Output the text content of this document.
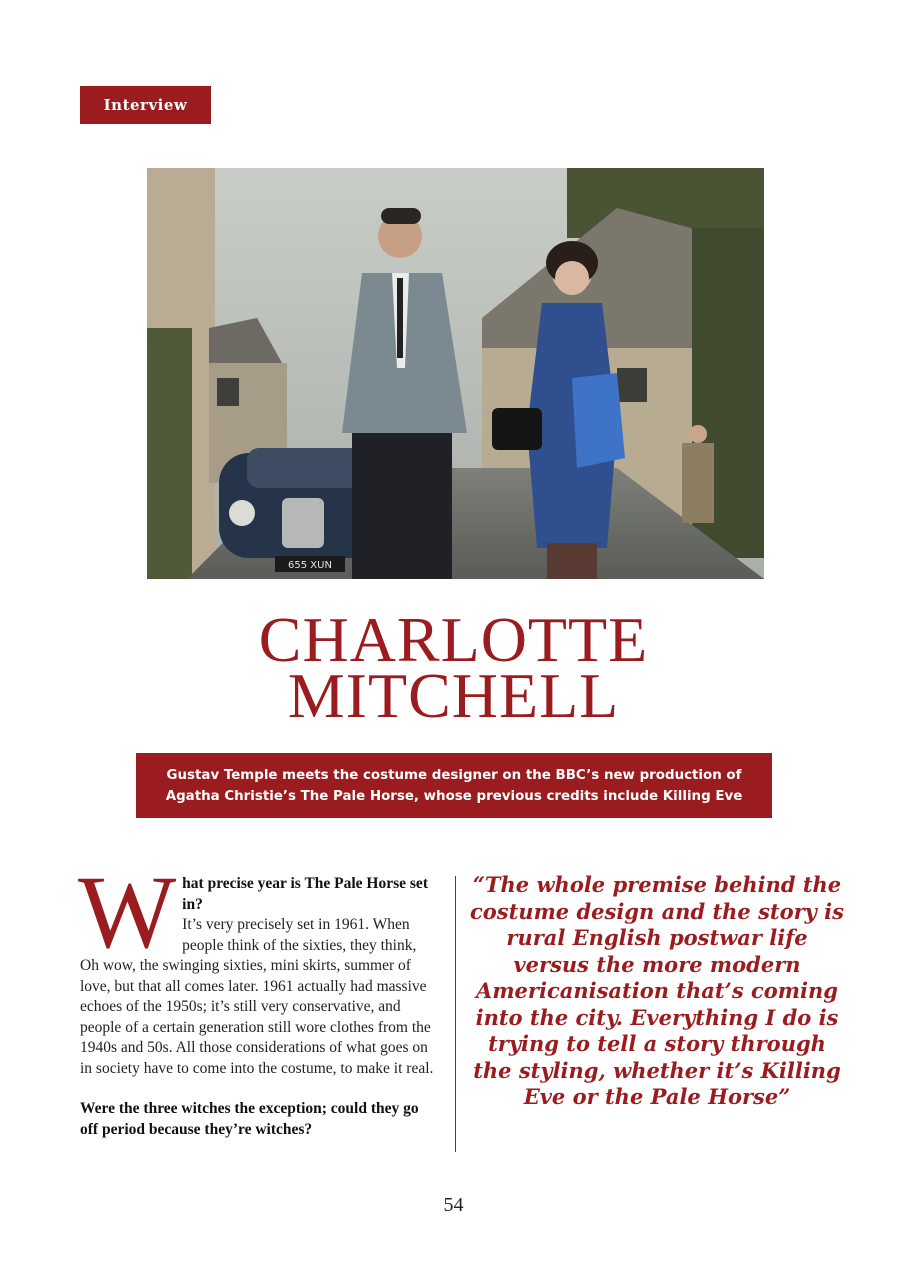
Interview
655 XUN
CHARLOTTE
MITCHELL
Gustav Temple meets the costume designer on the BBC’s new production of
Agatha Christie’s The Pale Horse, whose previous credits include Killing Eve

W hat precise year is The Pale Horse set in?
It’s very precisely set in 1961. When people think of the sixties, they think, Oh wow, the swinging sixties, mini skirts, summer of love, but that all comes later. 1961 actually had massive echoes of the 1950s; it’s still very conservative, and people of a certain generation still wore clothes from the 1940s and 50s. All those considerations of what goes on in society have to come into the costume, to make it real.

Were the three witches the exception; could they go off period because they’re witches?

“The whole premise behind the costume design and the story is rural English postwar life versus the more modern Americanisation that’s coming into the city. Everything I do is trying to tell a story through the styling, whether it’s Killing Eve or the Pale Horse”
54
